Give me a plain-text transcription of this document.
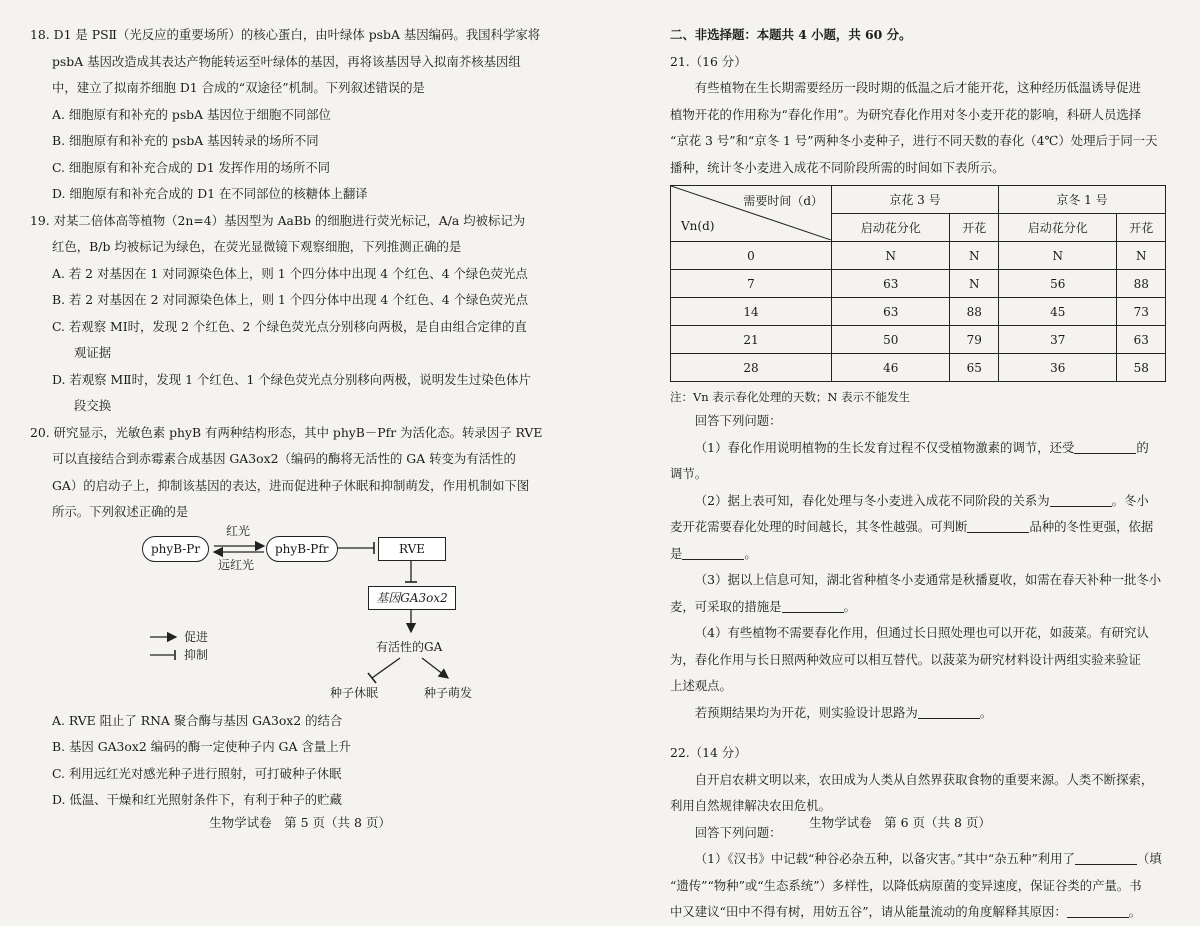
18. D1 是 PSⅡ（光反应的重要场所）的核心蛋白，由叶绿体 psbA 基因编码。我国科学家将

psbA 基因改造成其表达产物能转运至叶绿体的基因，再将该基因导入拟南芥核基因组

中，建立了拟南芥细胞 D1 合成的“双途径”机制。下列叙述错误的是

A. 细胞原有和补充的 psbA 基因位于细胞不同部位

B. 细胞原有和补充的 psbA 基因转录的场所不同

C. 细胞原有和补充合成的 D1 发挥作用的场所不同

D. 细胞原有和补充合成的 D1 在不同部位的核糖体上翻译

19. 对某二倍体高等植物（2n=4）基因型为 AaBb 的细胞进行荧光标记，A/a 均被标记为

红色，B/b 均被标记为绿色，在荧光显微镜下观察细胞，下列推测正确的是

A. 若 2 对基因在 1 对同源染色体上，则 1 个四分体中出现 4 个红色、4 个绿色荧光点

B. 若 2 对基因在 2 对同源染色体上，则 1 个四分体中出现 4 个红色、4 个绿色荧光点

C. 若观察 MⅠ时，发现 2 个红色、2 个绿色荧光点分别移向两极，是自由组合定律的直

观证据

D. 若观察 MⅡ时，发现 1 个红色、1 个绿色荧光点分别移向两极，说明发生过染色体片

段交换

20. 研究显示，光敏色素 phyB 有两种结构形态，其中 phyB－Pfr 为活化态。转录因子 RVE

可以直接结合到赤霉素合成基因 GA3ox2（编码的酶将无活性的 GA 转变为有活性的

GA）的启动子上，抑制该基因的表达，进而促进种子休眠和抑制萌发，作用机制如下图

所示。下列叙述正确的是

phyB-Pr	phyB-Pfr
红光
远红光
RVE
基因GA3ox2
有活性的GA
种子休眠	种子萌发
促进
抑制

A. RVE 阻止了 RNA 聚合酶与基因 GA3ox2 的结合

B. 基因 GA3ox2 编码的酶一定使种子内 GA 含量上升

C. 利用远红光对感光种子进行照射，可打破种子休眠

D. 低温、干燥和红光照射条件下，有利于种子的贮藏

生物学试卷　第 5 页（共 8 页）

二、非选择题：本题共 4 小题，共 60 分。

21.（16 分）

有些植物在生长期需要经历一段时期的低温之后才能开花，这种经历低温诱导促进

植物开花的作用称为“春化作用”。为研究春化作用对冬小麦开花的影响，科研人员选择

“京花 3 号”和“京冬 1 号”两种冬小麦种子，进行不同天数的春化（4℃）处理后于同一天

播种，统计冬小麦进入成花不同阶段所需的时间如下表所示。

需要时间（d）
Vn(d)	京花 3 号		京冬 1 号	
	启动花分化	开花	启动花分化	开花
0	N	N	N	N
7	63	N	56	88
14	63	88	45	73
21	50	79	37	63
28	46	65	36	58

注：Vn 表示春化处理的天数；N 表示不能发生

回答下列问题：

（1）春化作用说明植物的生长发育过程不仅受植物激素的调节，还受	的

调节。

（2）据上表可知，春化处理与冬小麦进入成花不同阶段的关系为	。冬小

麦开花需要春化处理的时间越长，其冬性越强。可判断	品种的冬性更强，依据

是	。

（3）据以上信息可知，湖北省种植冬小麦通常是秋播夏收，如需在春天补种一批冬小

麦，可采取的措施是	。

（4）有些植物不需要春化作用，但通过长日照处理也可以开花，如菠菜。有研究认

为，春化作用与长日照两种效应可以相互替代。以菠菜为研究材料设计两组实验来验证

上述观点。

若预期结果均为开花，则实验设计思路为	。

22.（14 分）

自开启农耕文明以来，农田成为人类从自然界获取食物的重要来源。人类不断探索，

利用自然规律解决农田危机。

回答下列问题：

（1）《汉书》中记载“种谷必杂五种，以备灾害。”其中“杂五种”利用了	（填

“遗传”“物种”或“生态系统”）多样性，以降低病原菌的变异速度，保证谷类的产量。书

中又建议“田中不得有树，用妨五谷”，请从能量流动的角度解释其原因：	。

生物学试卷　第 6 页（共 8 页）
